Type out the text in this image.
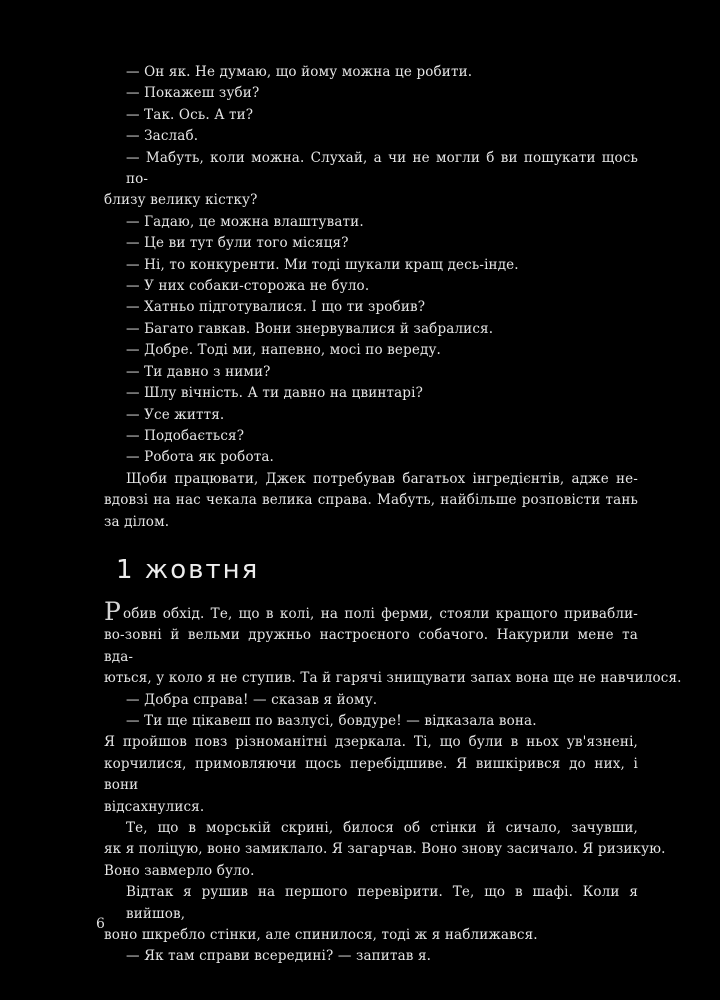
— Он як. Не думаю, що йому можна це робити.
— Покажеш зуби?
— Так. Ось. А ти?
— Заслаб.
— Мабуть, коли можна. Слухай, а чи не могли б ви пошукати щось по-
близу велику кістку?
— Гадаю, це можна влаштувати.
— Це ви тут були того місяця?
— Ні, то конкуренти. Ми тоді шукали кращ десь-інде.
— У них собаки-сторожа не було.
— Хатньо підготувалися. І що ти зробив?
— Багато гавкав. Вони знервувалися й забралися.
— Добре. Тоді ми, напевно, мосі по вереду.
— Ти давно з ними?
— Шлу вічність. А ти давно на цвинтарі?
— Усе життя.
— Подобається?
— Робота як робота.
Щоби працювати, Джек потребував багатьох інгредієнтів, адже не-
вдовзі на нас чекала велика справа. Мабуть, найбільше розповісти тань
за ділом.
1 жовтня
Робив обхід. Те, що в колі, на полі ферми, стояли кращого привабли-
во-зовні й вельми дружньо настроєного собачого. Накурили мене та вда-
ються, у коло я не ступив. Та й гарячі знищувати запах вона ще не навчилося.
— Добра справа! — сказав я йому.
— Ти ще цікавеш по вазлусі, бовдуре! — відказала вона.
Я пройшов повз різноманітні дзеркала. Ті, що були в ньох ув'язнені,
корчилися, примовляючи щось перебідшиве. Я вишкірився до них, і вони
відсахнулися.
Те, що в морській скрині, билося об стінки й сичало, зачувши,
як я поліцую, воно замиклало. Я загарчав. Воно знову засичало. Я ризикую.
Воно завмерло було.
Відтак я рушив на першого перевірити. Те, що в шафі. Коли я вийшов,
воно шкребло стінки, але спинилося, тоді ж я наближався.
— Як там справи всередині? — запитав я.
6
